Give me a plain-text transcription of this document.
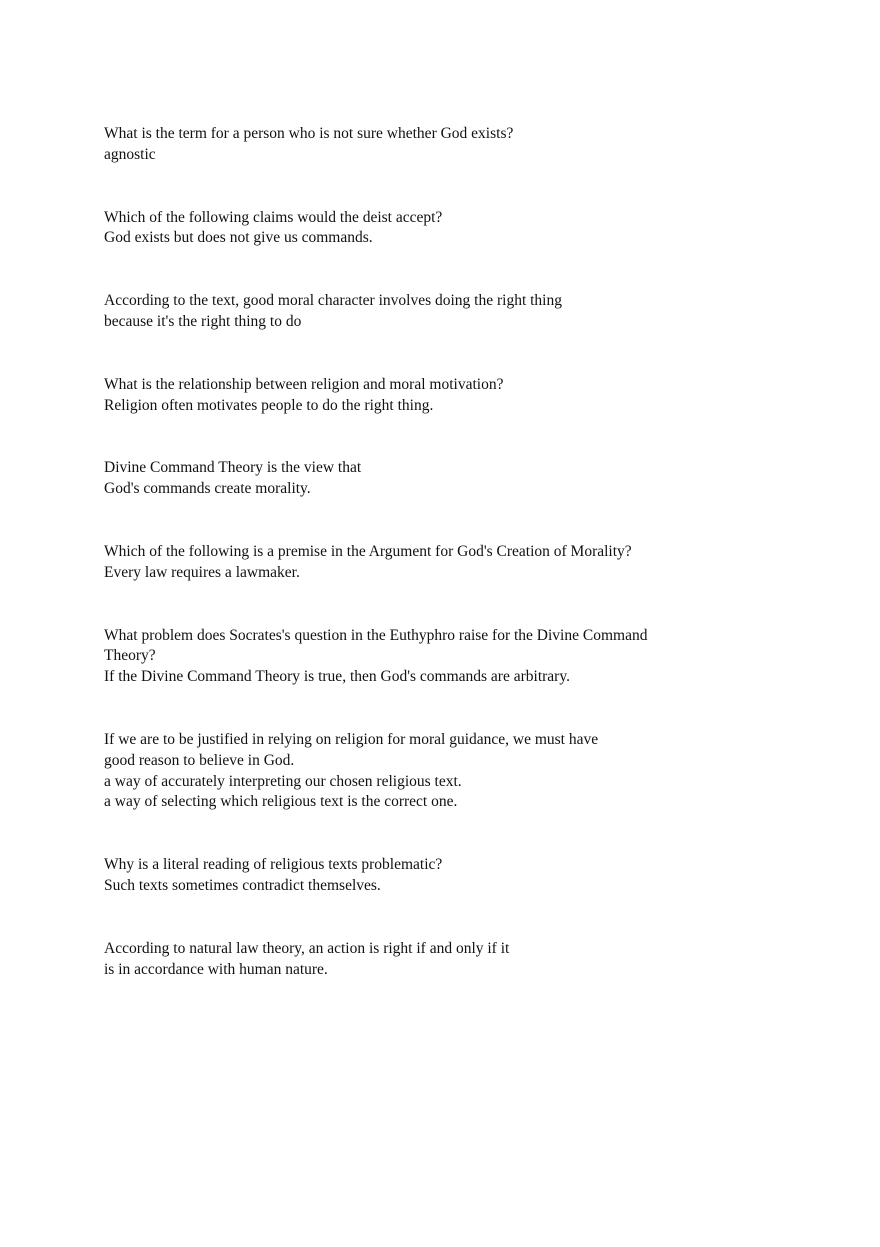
What is the term for a person who is not sure whether God exists?
agnostic
Which of the following claims would the deist accept?
God exists but does not give us commands.
According to the text, good moral character involves doing the right thing
because it's the right thing to do
What is the relationship between religion and moral motivation?
Religion often motivates people to do the right thing.
Divine Command Theory is the view that
God's commands create morality.
Which of the following is a premise in the Argument for God's Creation of Morality?
Every law requires a lawmaker.
What problem does Socrates's question in the Euthyphro raise for the Divine Command
Theory?
If the Divine Command Theory is true, then God's commands are arbitrary.
If we are to be justified in relying on religion for moral guidance, we must have
good reason to believe in God.
a way of accurately interpreting our chosen religious text.
a way of selecting which religious text is the correct one.
Why is a literal reading of religious texts problematic?
Such texts sometimes contradict themselves.
According to natural law theory, an action is right if and only if it
is in accordance with human nature.
